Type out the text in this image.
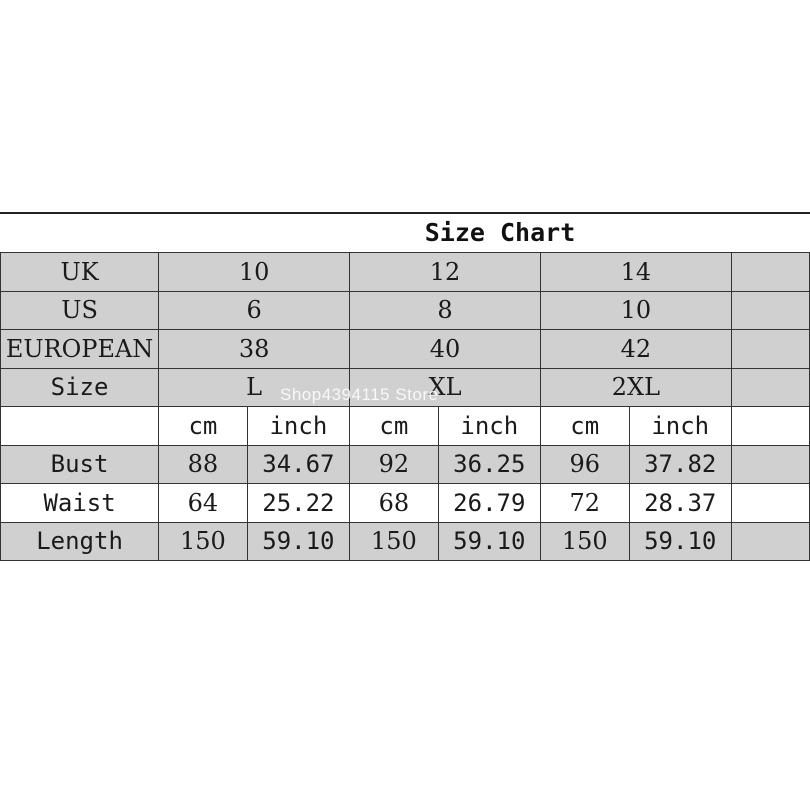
Size Chart
UK	10		12		14		
US	6		8		10		
EUROPEAN	38		40		42		
Size	L		XL		2XL		
	cm	inch	cm	inch	cm	inch	
Bust	88	34.67	92	36.25	96	37.82	
Waist	64	25.22	68	26.79	72	28.37	
Length	150	59.10	150	59.10	150	59.10	
Shop4394115 Store
